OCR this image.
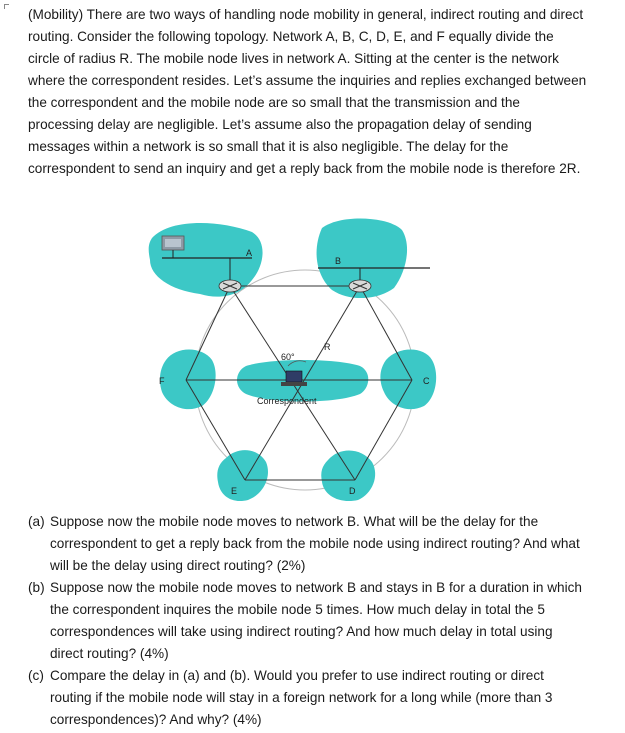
(Mobility) There are two ways of handling node mobility in general, indirect routing and direct routing. Consider the following topology. Network A, B, C, D, E, and F equally divide the circle of radius R. The mobile node lives in network A. Sitting at the center is the network where the correspondent resides. Let’s assume the inquiries and replies exchanged between the correspondent and the mobile node are so small that the transmission and the processing delay are negligible. Let’s assume also the propagation delay of sending messages within a network is so small that it is also negligible. The delay for the correspondent to send an inquiry and get a reply back from the mobile node is therefore 2R.

60°
R
Correspondent
A
B
C
D
E
F
(a) Suppose now the mobile node moves to network B. What will be the delay for the correspondent to get a reply back from the mobile node using indirect routing? And what will be the delay using direct routing? (2%)
(b) Suppose now the mobile node moves to network B and stays in B for a duration in which the correspondent inquires the mobile node 5 times. How much delay in total the 5 correspondences will take using indirect routing? And how much delay in total using direct routing? (4%)
(c) Compare the delay in (a) and (b). Would you prefer to use indirect routing or direct routing if the mobile node will stay in a foreign network for a long while (more than 3 correspondences)? And why? (4%)
